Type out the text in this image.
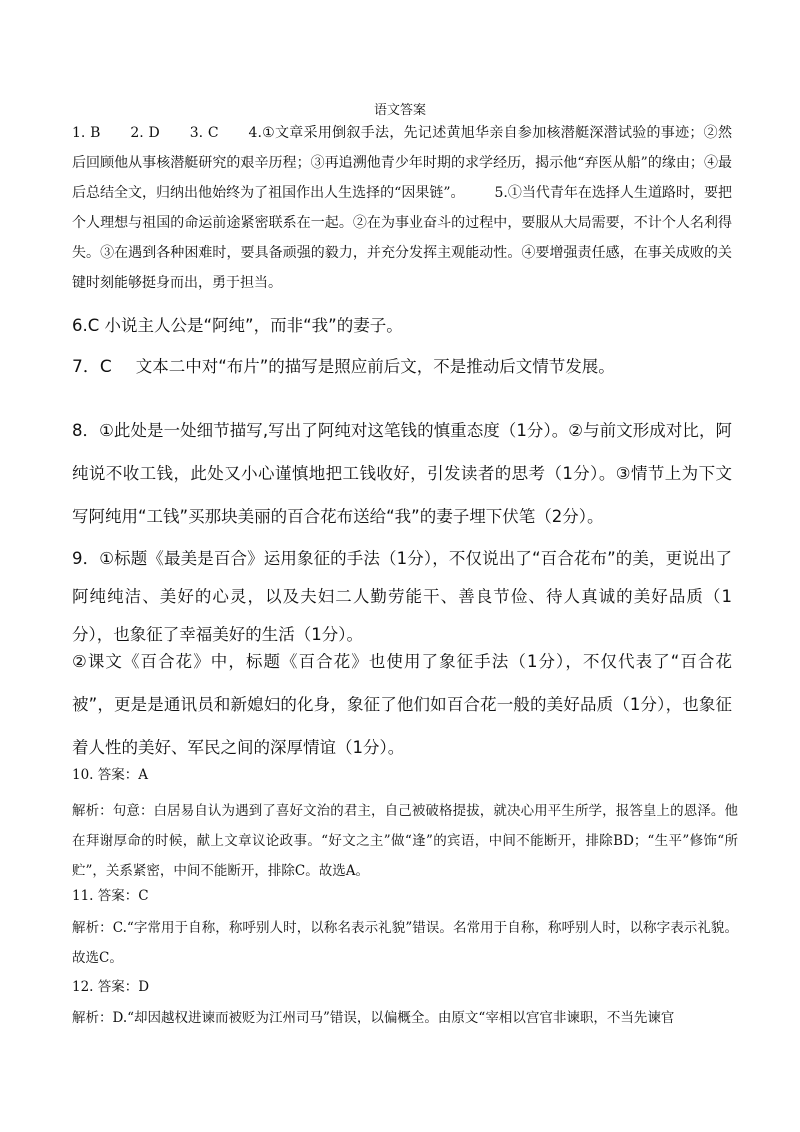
语文答案

1. B 2. D 3. C 4.①文章采用倒叙手法，先记述黄旭华亲自参加核潜艇深潜试验的事迹；②然后回顾他从事核潜艇研究的艰辛历程；③再追溯他青少年时期的求学经历，揭示他“弃医从船”的缘由；④最后总结全文，归纳出他始终为了祖国作出人生选择的“因果链”。 5.①当代青年在选择人生道路时，要把个人理想与祖国的命运前途紧密联系在一起。②在为事业奋斗的过程中，要服从大局需要，不计个人名利得失。③在遇到各种困难时，要具备顽强的毅力，并充分发挥主观能动性。④要增强责任感，在事关成败的关键时刻能够挺身而出，勇于担当。

6.C 小说主人公是“阿纯”，而非“我”的妻子。

7．C 文本二中对“布片”的描写是照应前后文，不是推动后文情节发展。

8．①此处是一处细节描写,写出了阿纯对这笔钱的慎重态度（1分）。②与前文形成对比，阿纯说不收工钱，此处又小心谨慎地把工钱收好，引发读者的思考（1分）。③情节上为下文写阿纯用“工钱”买那块美丽的百合花布送给“我”的妻子埋下伏笔（2分）。

9．①标题《最美是百合》运用象征的手法（1分），不仅说出了“百合花布”的美，更说出了阿纯纯洁、美好的心灵，以及夫妇二人勤劳能干、善良节俭、待人真诚的美好品质（1分），也象征了幸福美好的生活（1分）。

②课文《百合花》中，标题《百合花》也使用了象征手法（1分），不仅代表了“百合花被”，更是是通讯员和新媳妇的化身，象征了他们如百合花一般的美好品质（1分），也象征着人性的美好、军民之间的深厚情谊（1分）。

10. 答案：A

解析：句意：白居易自认为遇到了喜好文治的君主，自己被破格提拔，就决心用平生所学，报答皇上的恩泽。他在拜谢厚命的时候，献上文章议论政事。“好文之主”做“逢”的宾语，中间不能断开，排除BD；“生平”修饰“所贮”，关系紧密，中间不能断开，排除C。故选A。

11. 答案：C

解析：C.“字常用于自称，称呼别人时，以称名表示礼貌”错误。名常用于自称，称呼别人时，以称字表示礼貌。故选C。

12. 答案：D

解析：D.“却因越权进谏而被贬为江州司马”错误，以偏概全。由原文“宰相以宫官非谏职，不当先谏官
